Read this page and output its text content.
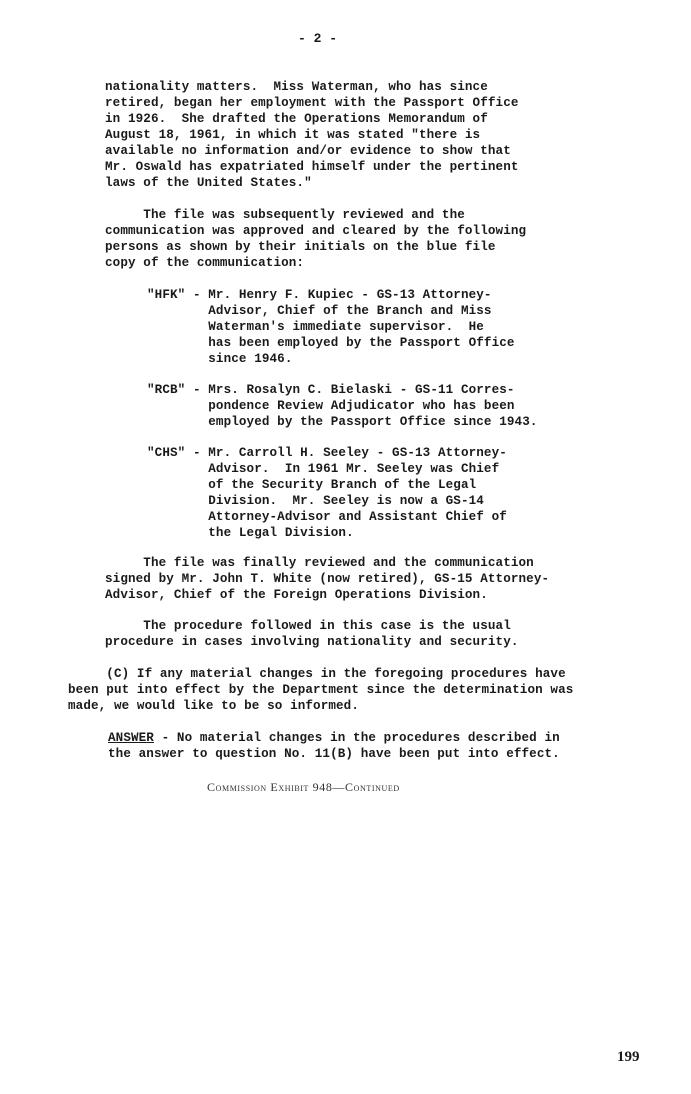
- 2 -
nationality matters.  Miss Waterman, who has since
retired, began her employment with the Passport Office
in 1926.  She drafted the Operations Memorandum of
August 18, 1961, in which it was stated "there is
available no information and/or evidence to show that
Mr. Oswald has expatriated himself under the pertinent
laws of the United States."
The file was subsequently reviewed and the
communication was approved and cleared by the following
persons as shown by their initials on the blue file
copy of the communication:
"HFK" - Mr. Henry F. Kupiec - GS-13 Attorney-
Advisor, Chief of the Branch and Miss
Waterman's immediate supervisor.  He
has been employed by the Passport Office
since 1946.
"RCB" - Mrs. Rosalyn C. Bielaski - GS-11 Corres-
pondence Review Adjudicator who has been
employed by the Passport Office since 1943.
"CHS" - Mr. Carroll H. Seeley - GS-13 Attorney-
Advisor.  In 1961 Mr. Seeley was Chief
of the Security Branch of the Legal
Division.  Mr. Seeley is now a GS-14
Attorney-Advisor and Assistant Chief of
the Legal Division.
The file was finally reviewed and the communication
signed by Mr. John T. White (now retired), GS-15 Attorney-
Advisor, Chief of the Foreign Operations Division.
The procedure followed in this case is the usual
procedure in cases involving nationality and security.
(C) If any material changes in the foregoing procedures have
been put into effect by the Department since the determination was
made, we would like to be so informed.
ANSWER - No material changes in the procedures described in
the answer to question No. 11(B) have been put into effect.
Commission Exhibit 948—Continued
199
